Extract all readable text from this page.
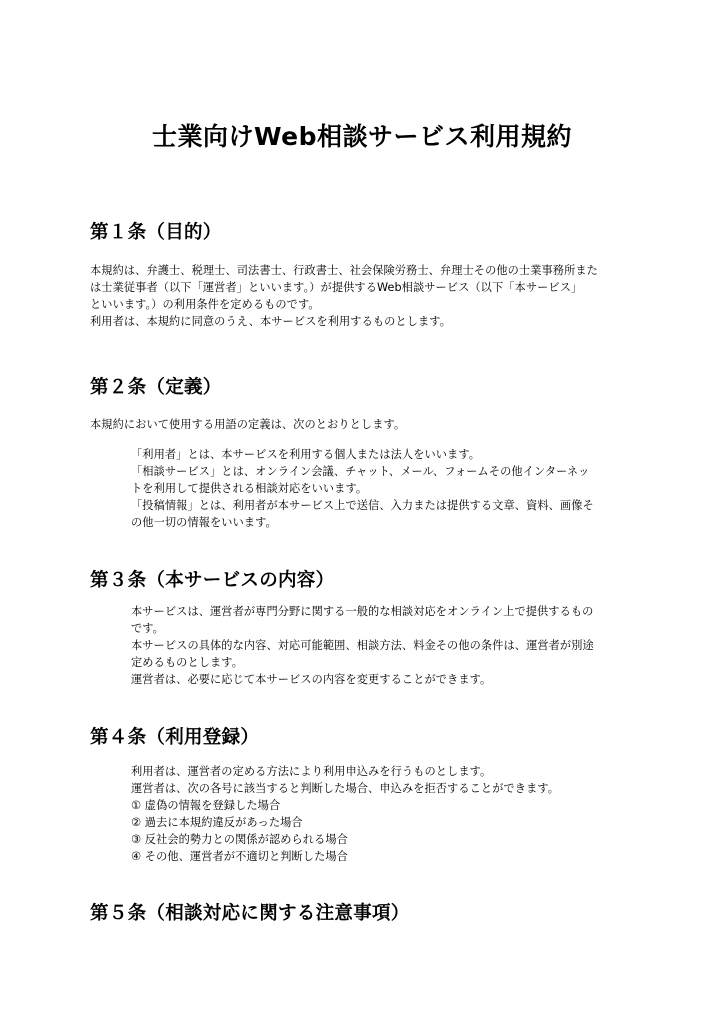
士業向けWeb相談サービス利用規約
第１条（目的）

本規約は、弁護士、税理士、司法書士、行政書士、社会保険労務士、弁理士その他の士業事務所また
は士業従事者（以下「運営者」といいます。）が提供するWeb相談サービス（以下「本サービス」
といいます。）の利用条件を定めるものです。
利用者は、本規約に同意のうえ、本サービスを利用するものとします。

第２条（定義）

本規約において使用する用語の定義は、次のとおりとします。

「利用者」とは、本サービスを利用する個人または法人をいいます。
「相談サービス」とは、オンライン会議、チャット、メール、フォームその他インターネッ
トを利用して提供される相談対応をいいます。
「投稿情報」とは、利用者が本サービス上で送信、入力または提供する文章、資料、画像そ
の他一切の情報をいいます。

第３条（本サービスの内容）

本サービスは、運営者が専門分野に関する一般的な相談対応をオンライン上で提供するもの
です。
本サービスの具体的な内容、対応可能範囲、相談方法、料金その他の条件は、運営者が別途
定めるものとします。
運営者は、必要に応じて本サービスの内容を変更することができます。

第４条（利用登録）

利用者は、運営者の定める方法により利用申込みを行うものとします。
運営者は、次の各号に該当すると判断した場合、申込みを拒否することができます。
① 虚偽の情報を登録した場合
② 過去に本規約違反があった場合
③ 反社会的勢力との関係が認められる場合
④ その他、運営者が不適切と判断した場合

第５条（相談対応に関する注意事項）
